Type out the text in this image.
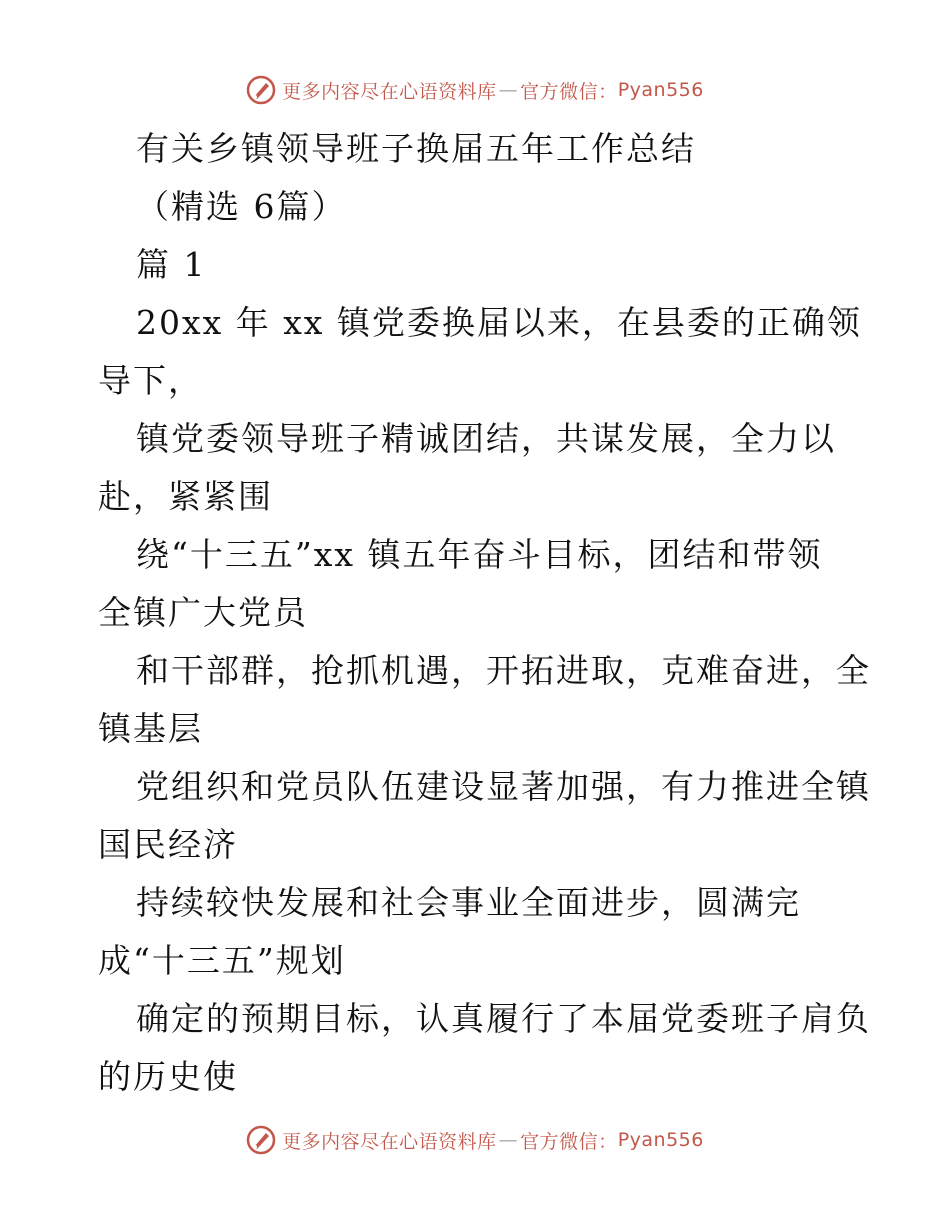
更多内容尽在心语资料库 — 官方微信： Pyan556
有关乡镇领导班子换届五年工作总结
（精选 6篇）
篇 1
20xx 年 xx 镇党委换届以来，在县委的正确领
导下，
镇党委领导班子精诚团结，共谋发展，全力以
赴，紧紧围
绕“十三五”xx 镇五年奋斗目标，团结和带领
全镇广大党员
和干部群，抢抓机遇，开拓进取，克难奋进，全
镇基层
党组织和党员队伍建设显著加强，有力推进全镇
国民经济
持续较快发展和社会事业全面进步，圆满完
成“十三五”规划
确定的预期目标，认真履行了本届党委班子肩负
的历史使
更多内容尽在心语资料库 — 官方微信： Pyan556
